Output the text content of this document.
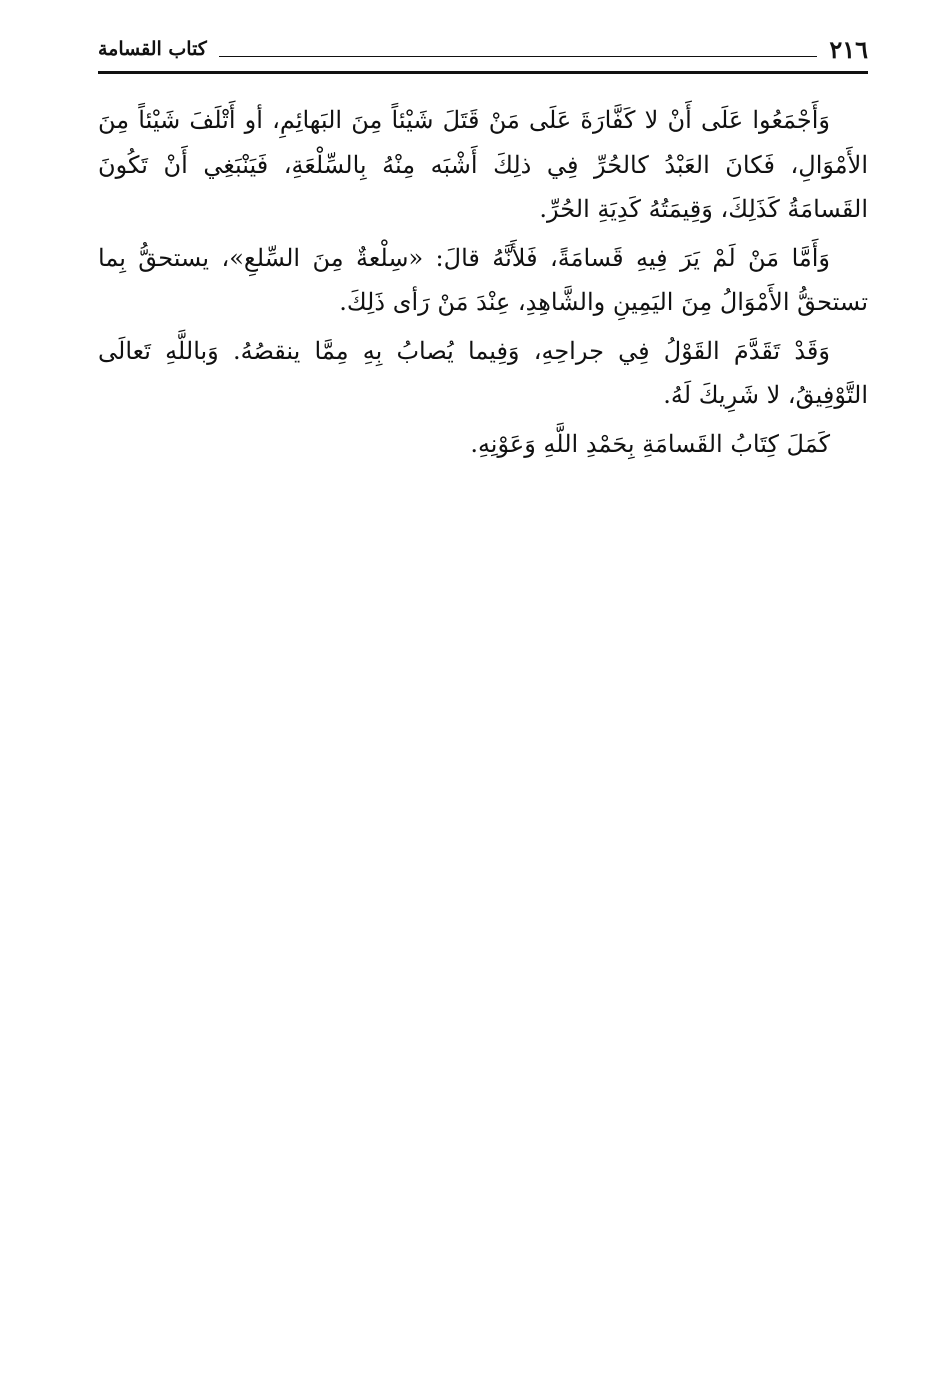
٢١٦
كتاب القسامة

وَأَجْمَعُوا عَلَى أَنْ لا كَفَّارَةَ عَلَى مَنْ قَتَلَ شَيْئاً مِنَ البَهائِمِ، أو أَتْلَفَ شَيْئاً مِنَ الأَمْوَالِ، فَكانَ العَبْدُ كالحُرِّ فِي ذلِكَ أَشْبَه مِنْهُ بِالسِّلْعَةِ، فَيَنْبَغِي أَنْ تَكُونَ القَسامَةُ كَذَلِكَ، وَقِيمَتُهُ كَدِيَةِ الحُرِّ.

وَأَمَّا مَنْ لَمْ يَرَ فِيهِ قَسامَةً، فَلأَنَّهُ قالَ: «سِلْعةٌ مِنَ السِّلعِ»، يستحقُّ بِما تستحقُّ الأَمْوَالُ مِنَ اليَمِينِ والشَّاهِدِ، عِنْدَ مَنْ رَأى ذَلِكَ.

وَقَدْ تَقَدَّمَ القَوْلُ فِي جراحِهِ، وَفِيما يُصابُ بِهِ مِمَّا ينقصُهُ. وَباللَّهِ تَعالَى التَّوْفِيقُ، لا شَرِيكَ لَهُ.

كَمَلَ كِتَابُ القَسامَةِ بِحَمْدِ اللَّهِ وَعَوْنِهِ.
